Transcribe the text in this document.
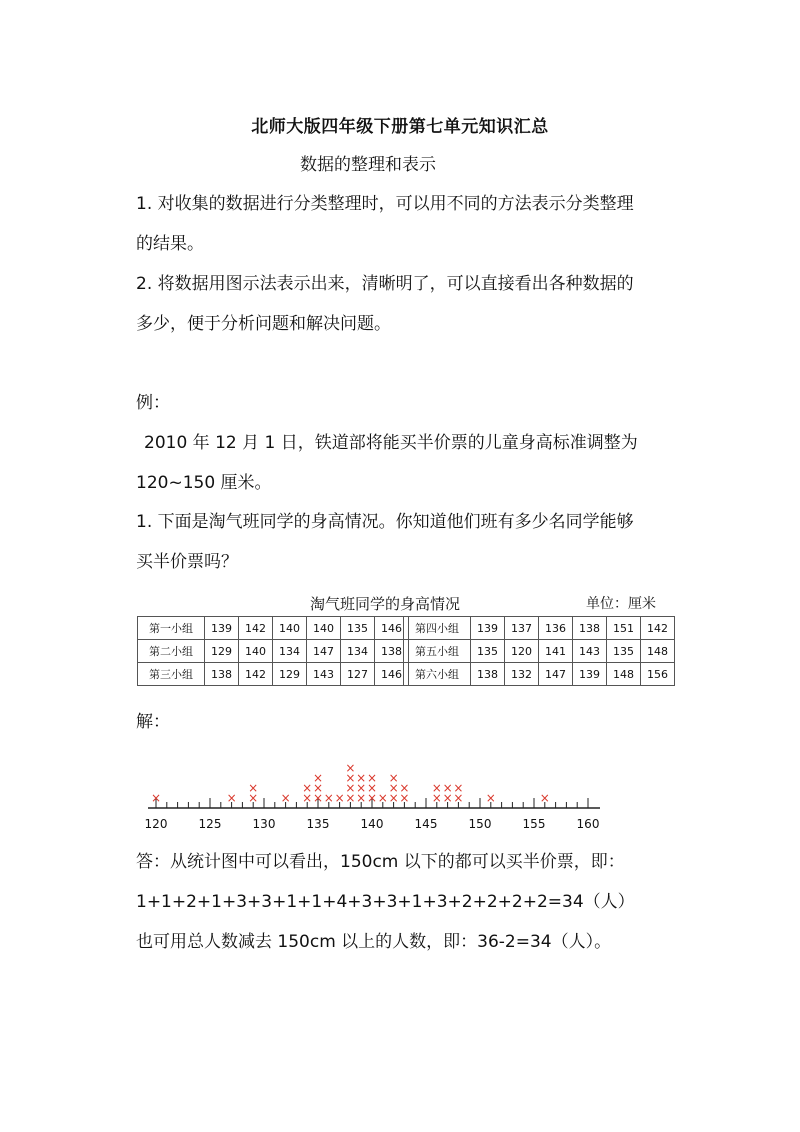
北师大版四年级下册第七单元知识汇总
数据的整理和表示
1. 对收集的数据进行分类整理时，可以用不同的方法表示分类整理
的结果。
2. 将数据用图示法表示出来，清晰明了，可以直接看出各种数据的
多少，便于分析问题和解决问题。
例：
2010 年 12 月 1 日，铁道部将能买半价票的儿童身高标准调整为
120~150 厘米。
1. 下面是淘气班同学的身高情况。你知道他们班有多少名同学能够
买半价票吗？
淘气班同学的身高情况	单位：厘米
第一小组	139	142	140	140	135	146
第二小组	129	140	134	147	134	138
第三小组	138	142	129	143	127	146
第四小组	139	137	136	138	151	142
第五小组	135	120	141	143	135	148
第六小组	138	132	147	139	148	156
解：
120	125	130	135	140	145	150	155	160
×	× ×
×
× ×
×
×
×
×
× × ×
×
×
×
×
×
×
×
×
×
× ×
×
×
×
×
×
×
×
×
×
×
×	×
答：从统计图中可以看出，150cm 以下的都可以买半价票，即：
1+1+2+1+3+3+1+1+4+3+3+1+3+2+2+2+2=34（人）
也可用总人数减去 150cm 以上的人数，即：36-2=34（人）。
